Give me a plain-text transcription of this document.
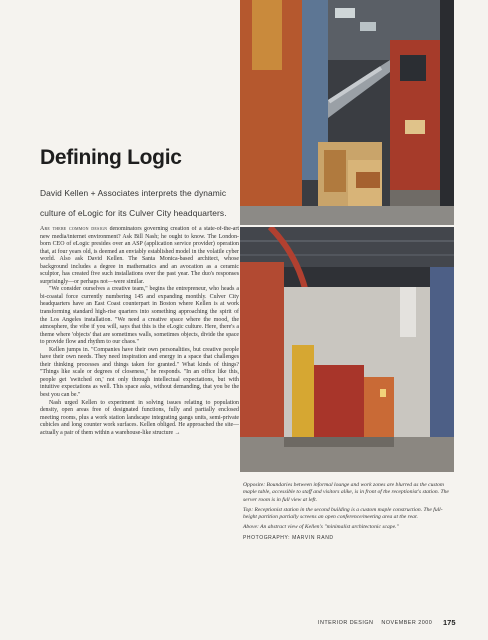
Defining Logic
David Kellen + Associates interprets the dynamic culture of eLogic for its Culver City headquarters.

Are there common design denominators governing creation of a state-of-the-art new media/internet environment? Ask Bill Nash; he ought to know. The London-born CEO of eLogic presides over an ASP (application service provider) operation that, at four years old, is deemed an enviably established model in the volatile cyber world. Also ask David Kellen. The Santa Monica-based architect, whose background includes a degree in mathematics and an avocation as a ceramic sculptor, has created five such installations over the past year. The duo's responses surprisingly—or perhaps not—were similar.

"We consider ourselves a creative team," begins the entrepreneur, who heads a bi-coastal force currently numbering 145 and expanding monthly. Culver City headquarters have an East Coast counterpart in Boston where Kellen is at work transforming standard high-rise quarters into something approaching the spirit of the Los Angeles installation. "We need a creative space where the mood, the atmosphere, the vibe if you will, says that this is the eLogic culture. Here, there's a theme where 'objects' that are sometimes walls, sometimes objects, divide the space to provide flow and rhythm to our chaos."

Kellen jumps in. "Companies have their own personalities, but creative people have their own needs. They need inspiration and energy in a space that challenges their thinking processes and things taken for granted." What kinds of things? "Things like scale or degrees of closeness," he responds. "In an office like this, people get 'switched on,' not only through intellectual expectations, but with intuitive expectations as well. This space asks, without demanding, that you be the best you can be."

Nash urged Kellen to experiment in solving issues relating to population density, open areas free of designated functions, fully and partially enclosed meeting rooms, plus a work station landscape integrating gangs units, semi-private cubicles and long counter work surfaces. Kellen obliged. He approached the site—actually a pair of them within a warehouse-like structure →

Opposite: Boundaries between informal lounge and work zones are blurred as the custom maple table, accessible to staff and visitors alike, is in front of the receptionist's station. The server room is in full view at left.

Top: Receptionist station in the second building is a custom maple construction. The full-height partition partially screens an open conference/meeting area at the rear.

Above: An abstract view of Kellen's "minimalist architectonic scape."

PHOTOGRAPHY: MARVIN RAND

INTERIOR DESIGN NOVEMBER 2000	175
